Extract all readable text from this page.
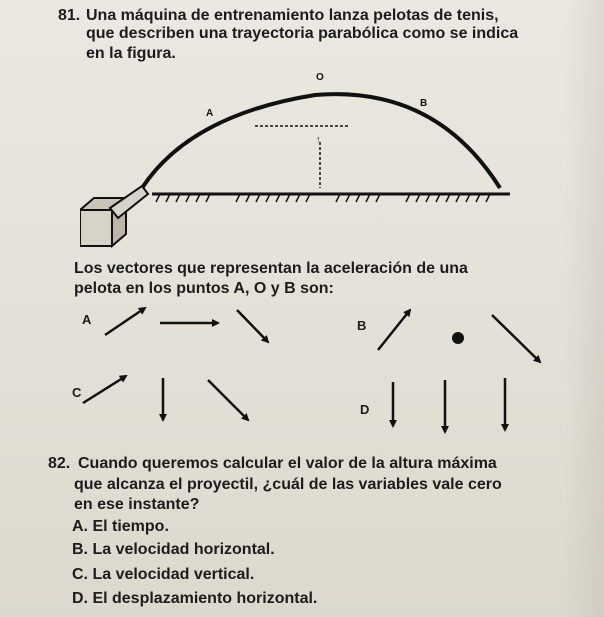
81. Una máquina de entrenamiento lanza pelotas de tenis,
que describen una trayectoria parabólica como se indica
en la figura.
↑
O
A
B
Los vectores que representan la aceleración de una
pelota en los puntos A, O y B son:
A	B
C
D
82. Cuando queremos calcular el valor de la altura máxima
que alcanza el proyectil, ¿cuál de las variables vale cero
en ese instante?
A. El tiempo.
B. La velocidad horizontal.
C. La velocidad vertical.
D. El desplazamiento horizontal.
